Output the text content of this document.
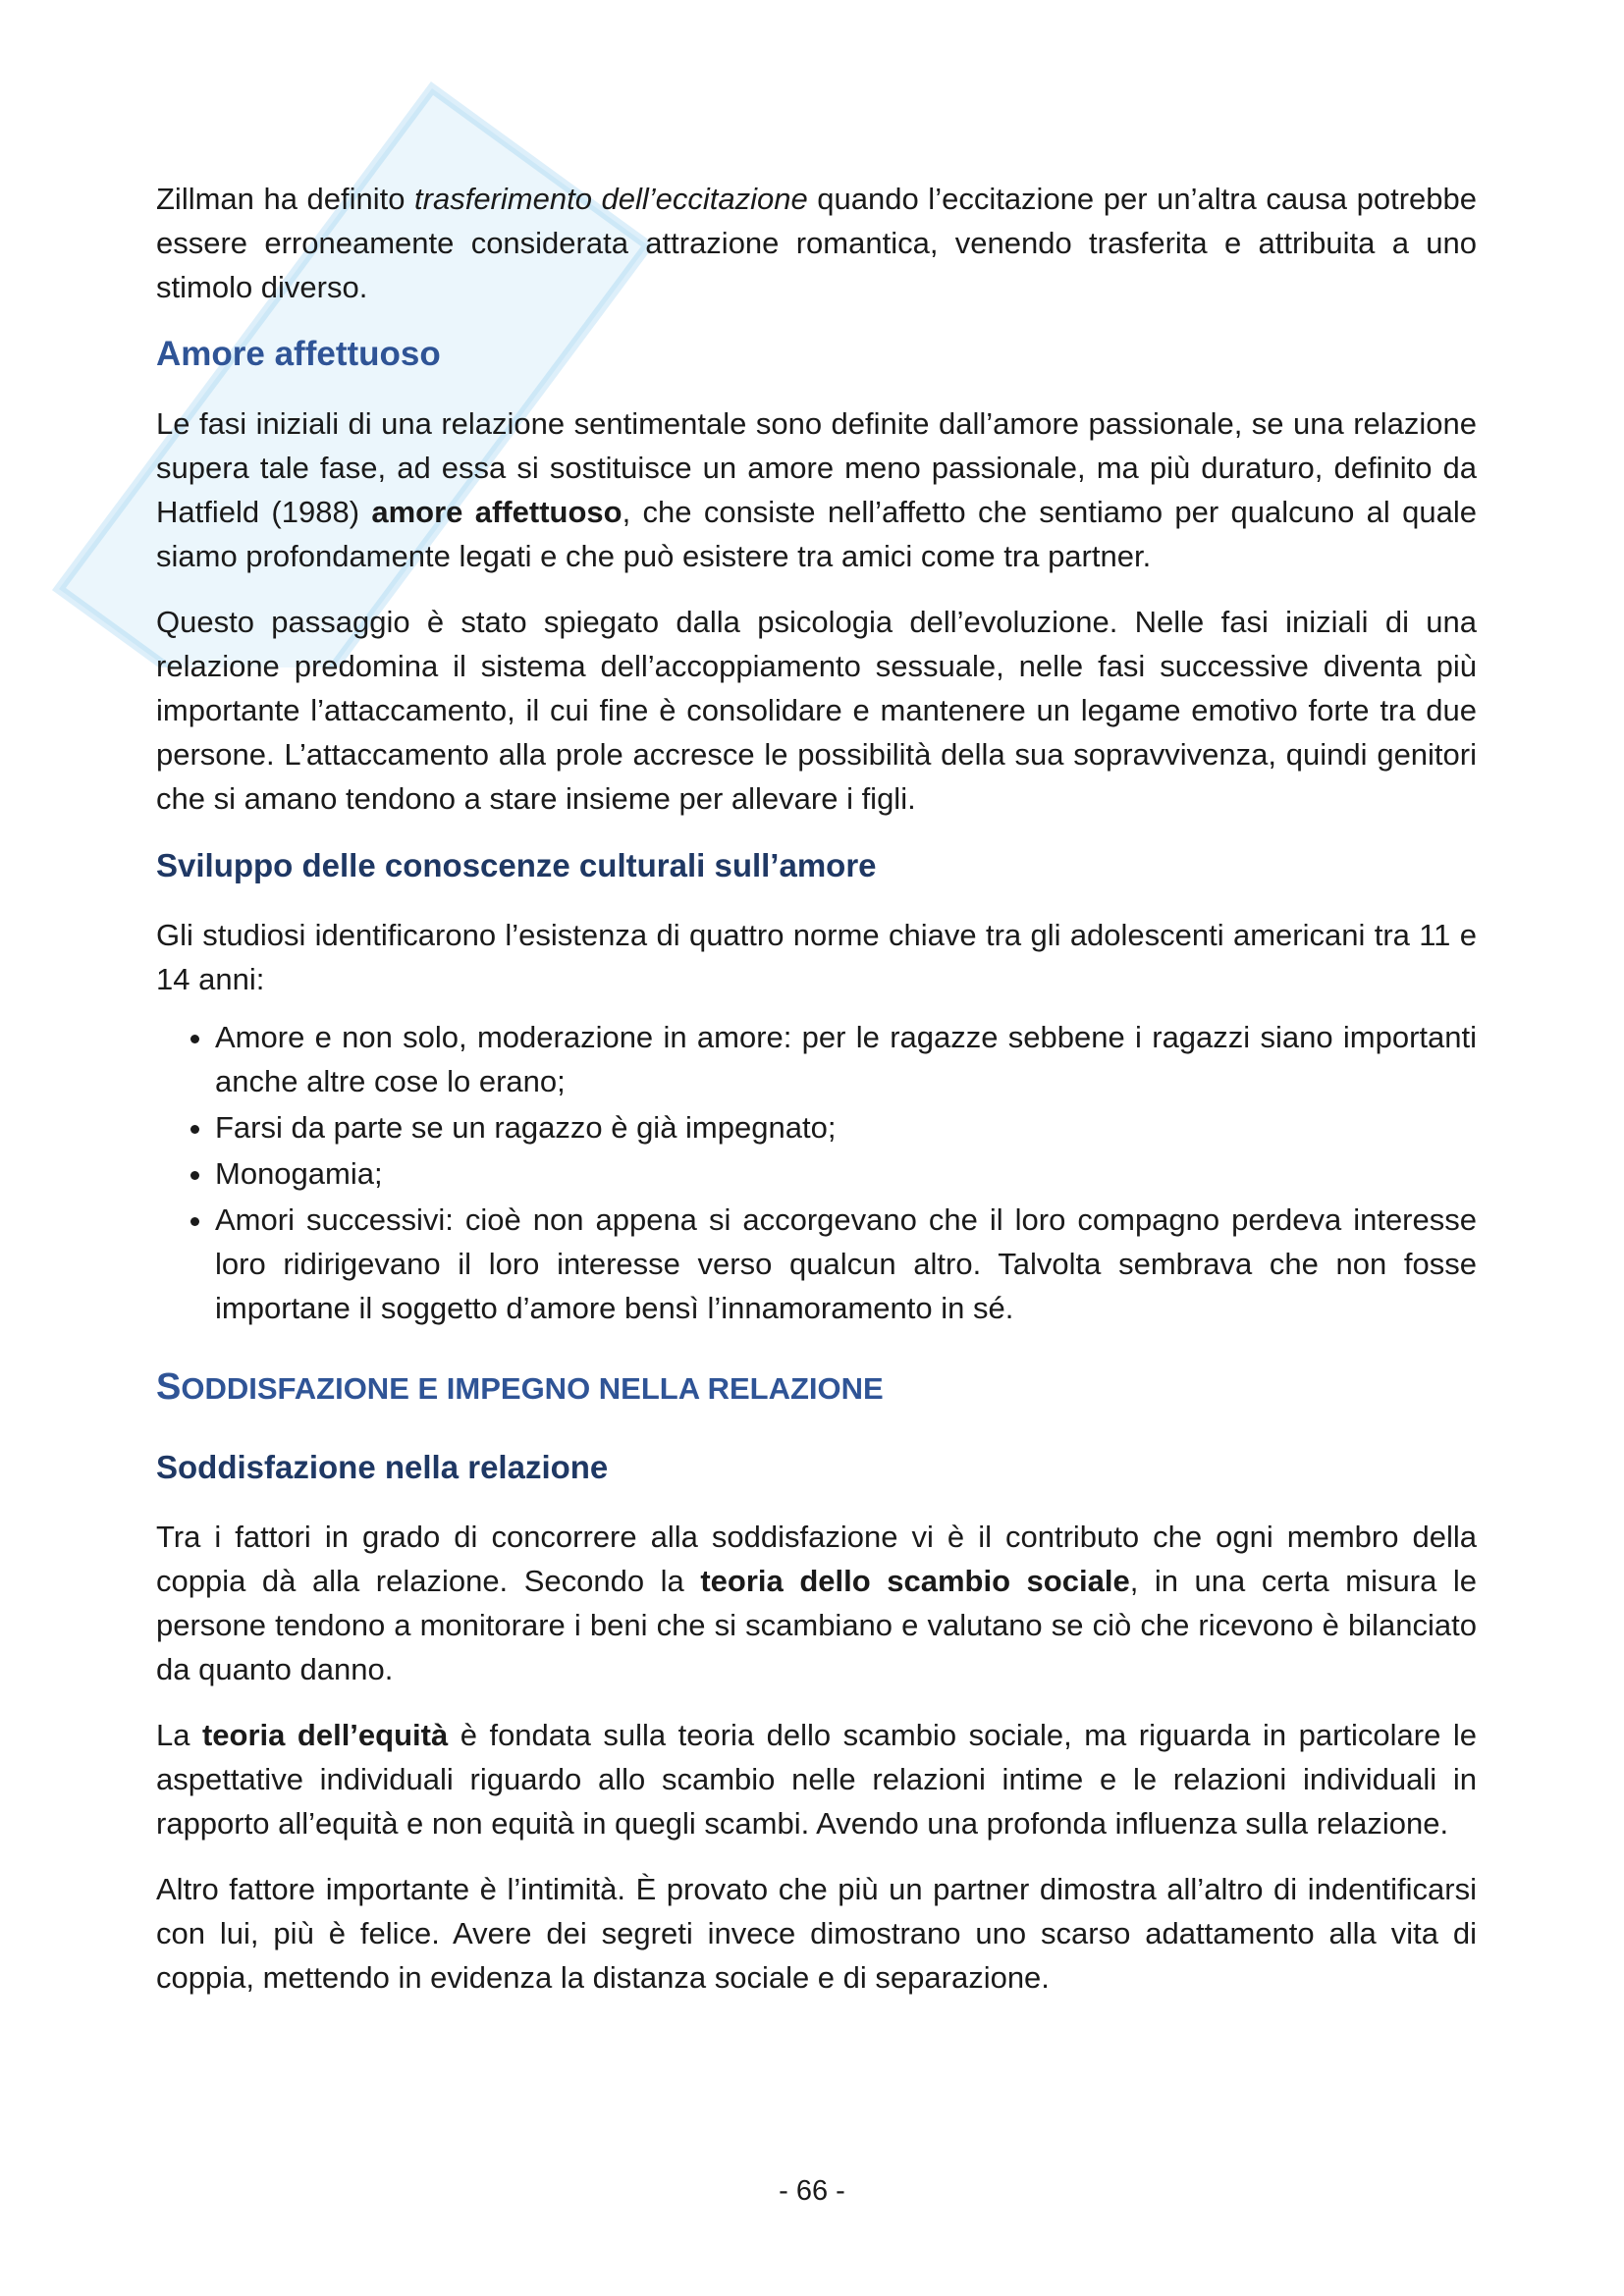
Zillman ha definito trasferimento dell’eccitazione quando l’eccitazione per un’altra causa potrebbe essere erroneamente considerata attrazione romantica, venendo trasferita e attribuita a uno stimolo diverso.

Amore affettuoso

Le fasi iniziali di una relazione sentimentale sono definite dall’amore passionale, se una relazione supera tale fase, ad essa si sostituisce un amore meno passionale, ma più duraturo, definito da Hatfield (1988) amore affettuoso, che consiste nell’affetto che sentiamo per qualcuno al quale siamo profondamente legati e che può esistere tra amici come tra partner.

Questo passaggio è stato spiegato dalla psicologia dell’evoluzione. Nelle fasi iniziali di una relazione predomina il sistema dell’accoppiamento sessuale, nelle fasi successive diventa più importante l’attaccamento, il cui fine è consolidare e mantenere un legame emotivo forte tra due persone. L’attaccamento alla prole accresce le possibilità della sua sopravvivenza, quindi genitori che si amano tendono a stare insieme per allevare i figli.

Sviluppo delle conoscenze culturali sull’amore

Gli studiosi identificarono l’esistenza di quattro norme chiave tra gli adolescenti americani tra 11 e 14 anni:

• Amore e non solo, moderazione in amore: per le ragazze sebbene i ragazzi siano importanti anche altre cose lo erano;
• Farsi da parte se un ragazzo è già impegnato;
• Monogamia;
• Amori successivi: cioè non appena si accorgevano che il loro compagno perdeva interesse loro ridirigevano il loro interesse verso qualcun altro. Talvolta sembrava che non fosse importane il soggetto d’amore bensì l’innamoramento in sé.
SODDISFAZIONE E IMPEGNO NELLA RELAZIONE
Soddisfazione nella relazione

Tra i fattori in grado di concorrere alla soddisfazione vi è il contributo che ogni membro della coppia dà alla relazione. Secondo la teoria dello scambio sociale, in una certa misura le persone tendono a monitorare i beni che si scambiano e valutano se ciò che ricevono è bilanciato da quanto danno.

La teoria dell’equità è fondata sulla teoria dello scambio sociale, ma riguarda in particolare le aspettative individuali riguardo allo scambio nelle relazioni intime e le relazioni individuali in rapporto all’equità e non equità in quegli scambi. Avendo una profonda influenza sulla relazione.

Altro fattore importante è l’intimità. È provato che più un partner dimostra all’altro di indentificarsi con lui, più è felice. Avere dei segreti invece dimostrano uno scarso adattamento alla vita di coppia, mettendo in evidenza la distanza sociale e di separazione.

- 66 -
